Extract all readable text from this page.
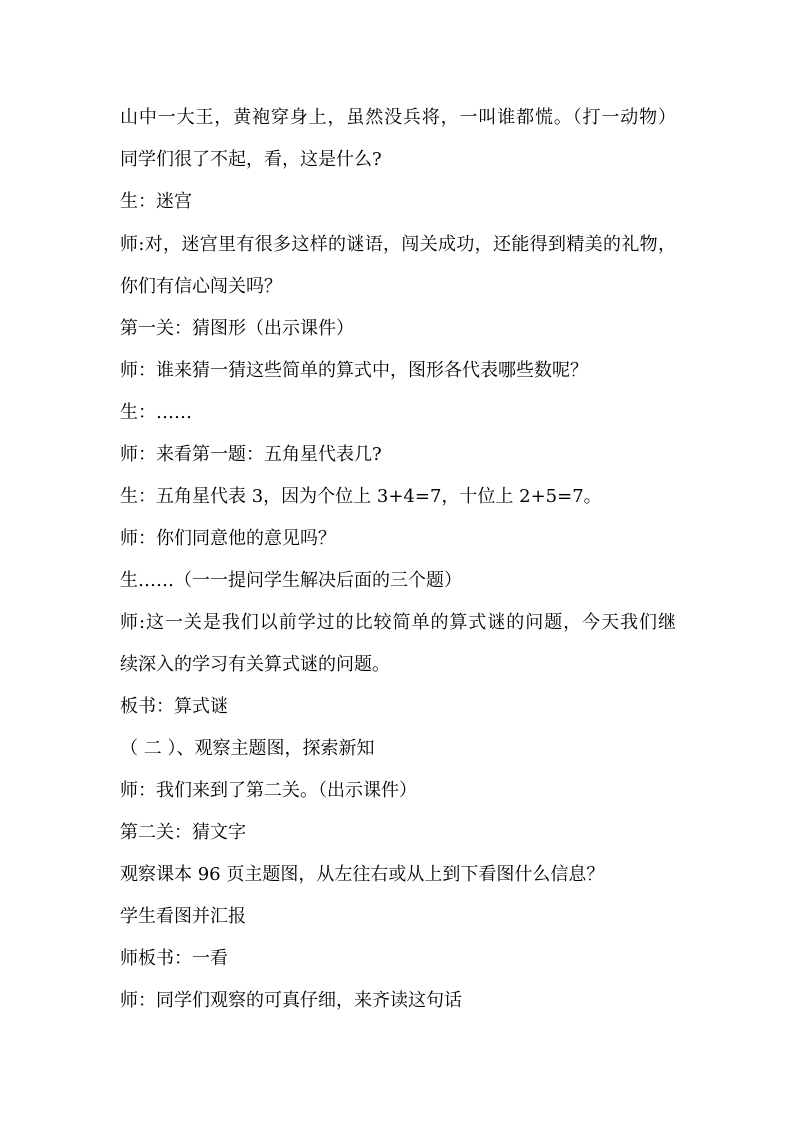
山中一大王，黄袍穿身上，虽然没兵将，一叫谁都慌。（打一动物）
同学们很了不起，看，这是什么?
生：迷宫
师:对，迷宫里有很多这样的谜语，闯关成功，还能得到精美的礼物，
你们有信心闯关吗？
第一关：猜图形（出示课件）
师：谁来猜一猜这些简单的算式中，图形各代表哪些数呢？
生：……
师：来看第一题：五角星代表几?
生：五角星代表 3，因为个位上 3+4=7，十位上 2+5=7。
师：你们同意他的意见吗？
生……（一一提问学生解决后面的三个题）
师:这一关是我们以前学过的比较简单的算式谜的问题，今天我们继
续深入的学习有关算式谜的问题。
板书：算式谜
（ 二 ）、观察主题图，探索新知
师：我们来到了第二关。（出示课件）
第二关：猜文字
观察课本 96 页主题图，从左往右或从上到下看图什么信息？
学生看图并汇报
师板书：一看
师：同学们观察的可真仔细，来齐读这句话
